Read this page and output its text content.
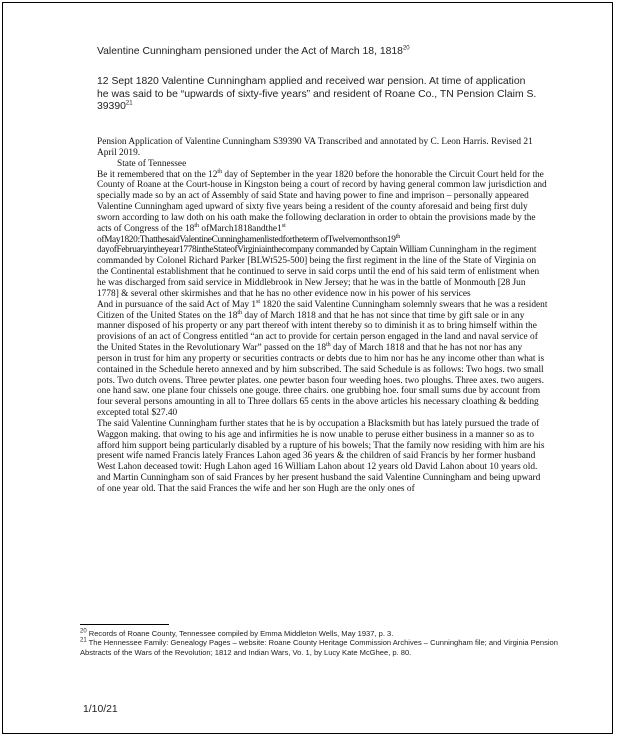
Valentine Cunningham pensioned under the Act of March 18, 1818$^{20}$
12 Sept 1820 Valentine Cunningham applied and received war pension. At time of application he was said to be “upwards of sixty-five years” and resident of Roane Co., TN Pension Claim S. 39390$^{21}$

Pension Application of Valentine Cunningham S39390 VA Transcribed and annotated by C. Leon Harris. Revised 21 April 2019.

State of Tennessee

Be it remembered that on the 12th day of September in the year 1820 before the honorable the Circuit Court held for the County of Roane at the Court-house in Kingston being a court of record by having general common law jurisdiction and specially made so by an act of Assembly of said State and having power to fine and imprison – personally appeared Valentine Cunningham aged upward of sixty five years being a resident of the county aforesaid and being first duly sworn according to law doth on his oath make the following declaration in order to obtain the provisions made by the acts of Congress of the 18th ofMarch1818andthe1st
ofMay1820:ThatthesaidValentineCunninghamenlistedfortheterm ofTwelvemonthson19th
dayofFebruaryintheyear1778intheStateofVirginiainthecompany commanded by Captain William Cunningham in the regiment commanded by Colonel Richard Parker [BLWt525-500] being the first regiment in the line of the State of Virginia on the Continental establishment that he continued to serve in said corps until the end of his said term of enlistment when he was discharged from said service in Middlebrook in New Jersey; that he was in the battle of Monmouth [28 Jun 1778] & several other skirmishes and that he has no other evidence now in his power of his services

And in pursuance of the said Act of May 1st 1820 the said Valentine Cunningham solemnly swears that he was a resident Citizen of the United States on the 18th day of March 1818 and that he has not since that time by gift sale or in any manner disposed of his property or any part thereof with intent thereby so to diminish it as to bring himself within the provisions of an act of Congress entitled “an act to provide for certain person engaged in the land and naval service of the United States in the Revolutionary War” passed on the 18th day of March 1818 and that he has not nor has any person in trust for him any property or securities contracts or debts due to him nor has he any income other than what is contained in the Schedule hereto annexed and by him subscribed. The said Schedule is as follows: Two hogs. two small pots. Two dutch ovens. Three pewter plates. one pewter bason four weeding hoes. two ploughs. Three axes. two augers. one hand saw. one plane four chissels one gouge. three chairs. one grubbing hoe. four small sums due by account from four several persons amounting in all to Three dollars 65 cents in the above articles his necessary cloathing & bedding excepted total $27.40

The said Valentine Cunningham further states that he is by occupation a Blacksmith but has lately pursued the trade of Waggon making. that owing to his age and infirmities he is now unable to peruse either business in a manner so as to afford him support being particularly disabled by a rupture of his bowels; That the family now residing with him are his present wife named Francis lately Frances Lahon aged 36 years & the children of said Francis by her former husband West Lahon deceased towit: Hugh Lahon aged 16 William Lahon about 12 years old David Lahon about 10 years old. and Martin Cunningham son of said Frances by her present husband the said Valentine Cunningham and being upward of one year old. That the said Frances the wife and her son Hugh are the only ones of

$^{20}$ Records of Roane County, Tennessee compiled by Emma Middleton Wells, May 1937, p. 3.

$^{21}$ The Hennessee Family: Genealogy Pages – website: Roane County Heritage Commission Archives – Cunningham file; and Virginia Pension Abstracts of the Wars of the Revolution; 1812 and Indian Wars, Vo. 1, by Lucy Kate McGhee, p. 80.

1/10/21
